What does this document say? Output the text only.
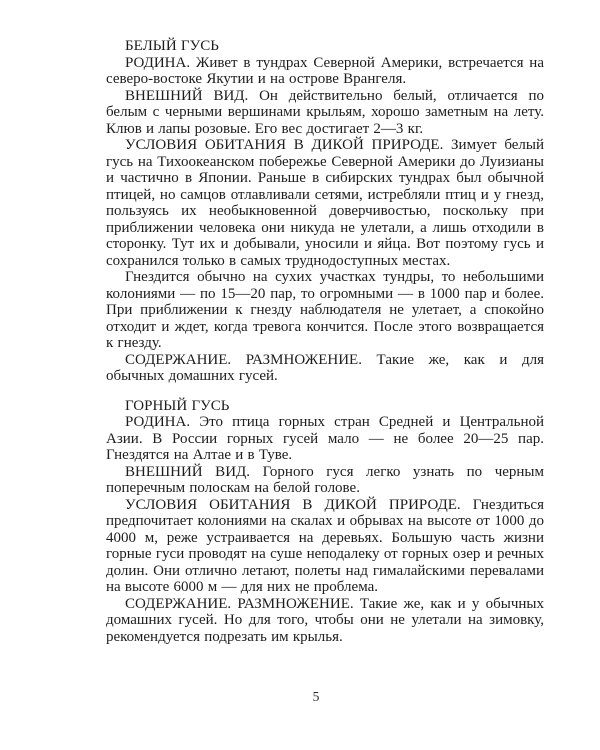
БЕЛЫЙ ГУСЬ

РОДИНА. Живет в тундрах Северной Америки, встречается на северо-востоке Якутии и на острове Врангеля.

ВНЕШНИЙ ВИД. Он действительно белый, отличается по белым с черными вершинами крыльям, хорошо заметным на лету. Клюв и лапы розовые. Его вес достигает 2—3 кг.

УСЛОВИЯ ОБИТАНИЯ В ДИКОЙ ПРИРОДЕ. Зимует белый гусь на Тихоокеанском побережье Северной Америки до Луизианы и частично в Японии. Раньше в сибирских тундрах был обычной птицей, но самцов отлавливали сетями, истребляли птиц и у гнезд, пользуясь их необыкновенной доверчивостью, поскольку при приближении человека они никуда не улетали, а лишь отходили в сторонку. Тут их и добывали, уносили и яйца. Вот поэтому гусь и сохранился только в самых труднодоступных местах.

Гнездится обычно на сухих участках тундры, то небольшими колониями — по 15—20 пар, то огромными — в 1000 пар и более. При приближении к гнезду наблюдателя не улетает, а спокойно отходит и ждет, когда тревога кончится. После этого возвращается к гнезду.

СОДЕРЖАНИЕ. РАЗМНОЖЕНИЕ. Такие же, как и для обычных домашних гусей.

ГОРНЫЙ ГУСЬ

РОДИНА. Это птица горных стран Средней и Центральной Азии. В России горных гусей мало — не более 20—25 пар. Гнездятся на Алтае и в Туве.

ВНЕШНИЙ ВИД. Горного гуся легко узнать по черным поперечным полоскам на белой голове.

УСЛОВИЯ ОБИТАНИЯ В ДИКОЙ ПРИРОДЕ. Гнездиться предпочитает колониями на скалах и обрывах на высоте от 1000 до 4000 м, реже устраивается на деревьях. Большую часть жизни горные гуси проводят на суше неподалеку от горных озер и речных долин. Они отлично летают, полеты над гималайскими перевалами на высоте 6000 м — для них не проблема.

СОДЕРЖАНИЕ. РАЗМНОЖЕНИЕ. Такие же, как и у обычных домашних гусей. Но для того, чтобы они не улетали на зимовку, рекомендуется подрезать им крылья.

5
